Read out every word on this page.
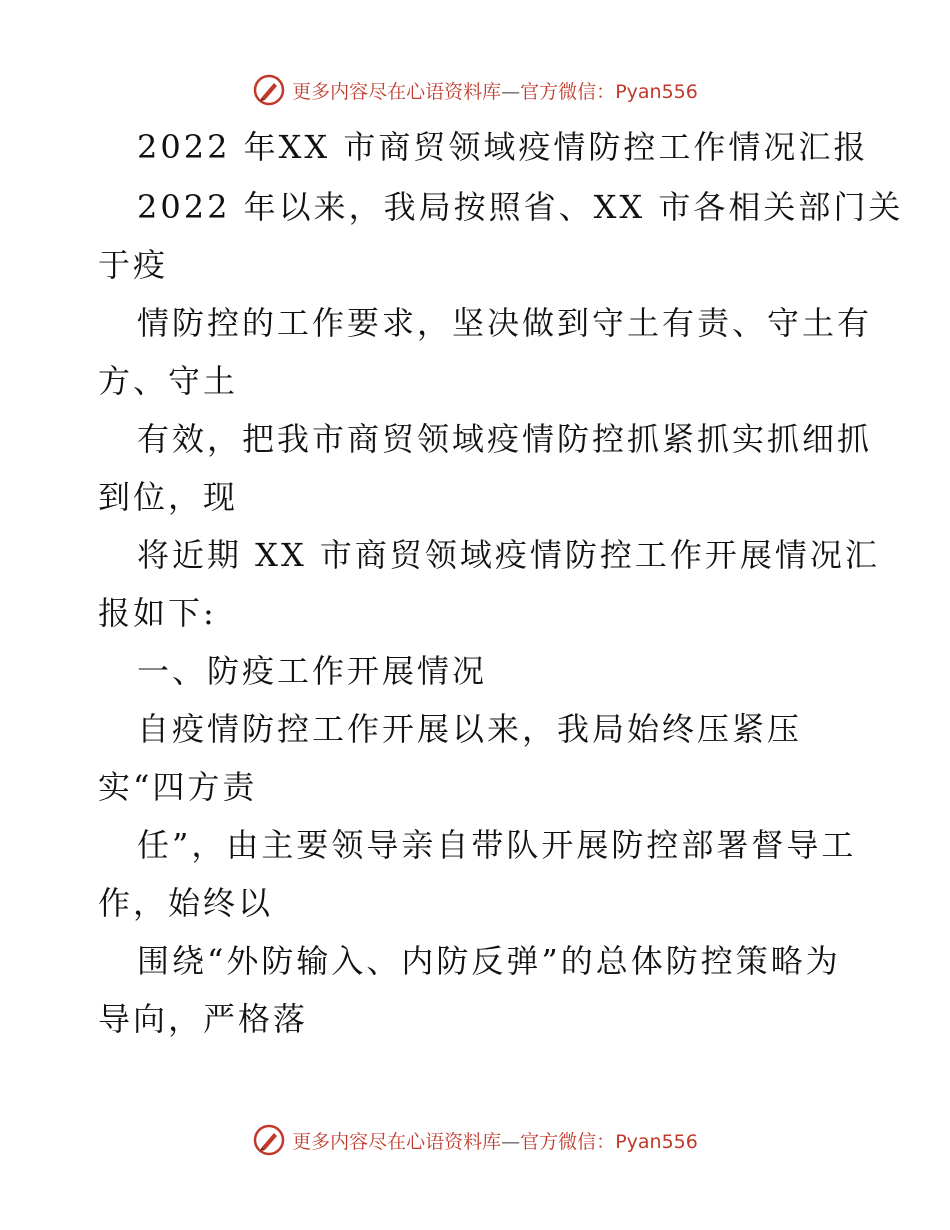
更多内容尽在心语资料库—官方微信：Pyan556
2022 年XX 市商贸领域疫情防控工作情况汇报
2022 年以来，我局按照省、XX 市各相关部门关
于疫
情防控的工作要求，坚决做到守土有责、守土有
方、守土
有效，把我市商贸领域疫情防控抓紧抓实抓细抓
到位，现
将近期 XX 市商贸领域疫情防控工作开展情况汇
报如下:
一、防疫工作开展情况
自疫情防控工作开展以来，我局始终压紧压
实“四方责
任”，由主要领导亲自带队开展防控部署督导工
作，始终以
围绕“外防输入、内防反弹”的总体防控策略为
导向，严格落
更多内容尽在心语资料库—官方微信：Pyan556
